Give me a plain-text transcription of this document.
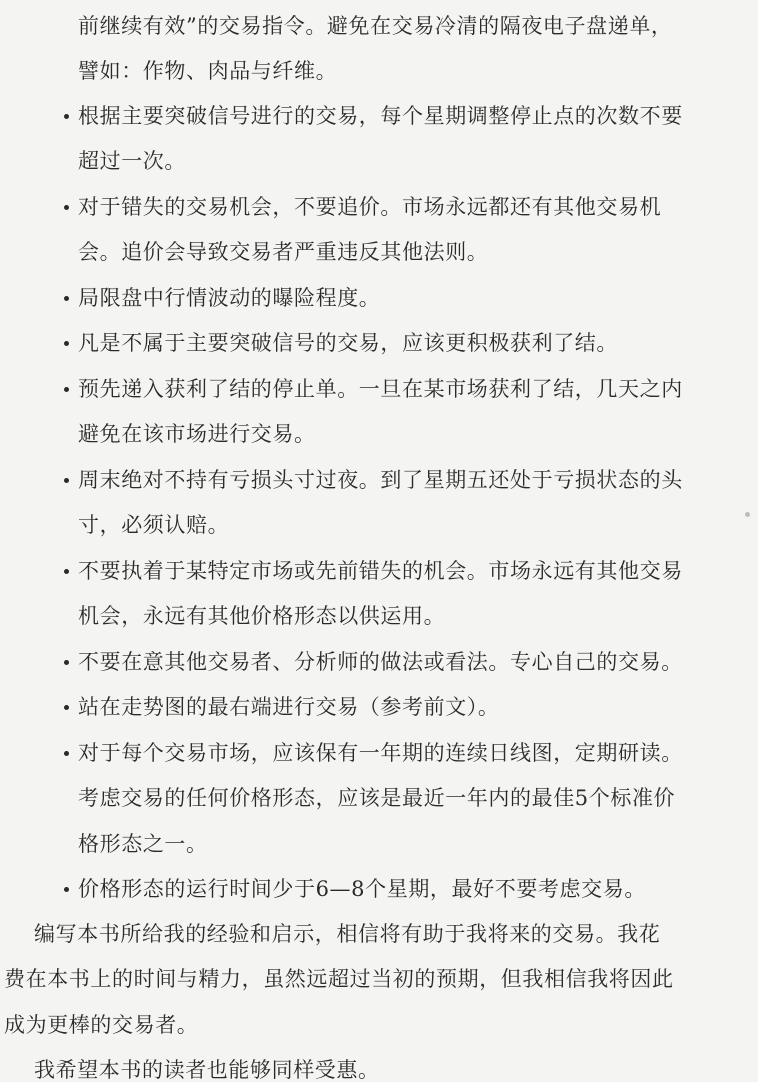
前继续有效”的交易指令。避免在交易冷清的隔夜电子盘递单，
譬如：作物、肉品与纤维。
根据主要突破信号进行的交易，每个星期调整停止点的次数不要
超过一次。
对于错失的交易机会，不要追价。市场永远都还有其他交易机
会。追价会导致交易者严重违反其他法则。
局限盘中行情波动的曝险程度。
凡是不属于主要突破信号的交易，应该更积极获利了结。
预先递入获利了结的停止单。一旦在某市场获利了结，几天之内
避免在该市场进行交易。
周末绝对不持有亏损头寸过夜。到了星期五还处于亏损状态的头
寸，必须认赔。
不要执着于某特定市场或先前错失的机会。市场永远有其他交易
机会，永远有其他价格形态以供运用。
不要在意其他交易者、分析师的做法或看法。专心自己的交易。
站在走势图的最右端进行交易（参考前文）。
对于每个交易市场，应该保有一年期的连续日线图，定期研读。
考虑交易的任何价格形态，应该是最近一年内的最佳5个标准价
格形态之一。
价格形态的运行时间少于6—8个星期，最好不要考虑交易。
编写本书所给我的经验和启示，相信将有助于我将来的交易。我花
费在本书上的时间与精力，虽然远超过当初的预期，但我相信我将因此
成为更棒的交易者。
我希望本书的读者也能够同样受惠。
